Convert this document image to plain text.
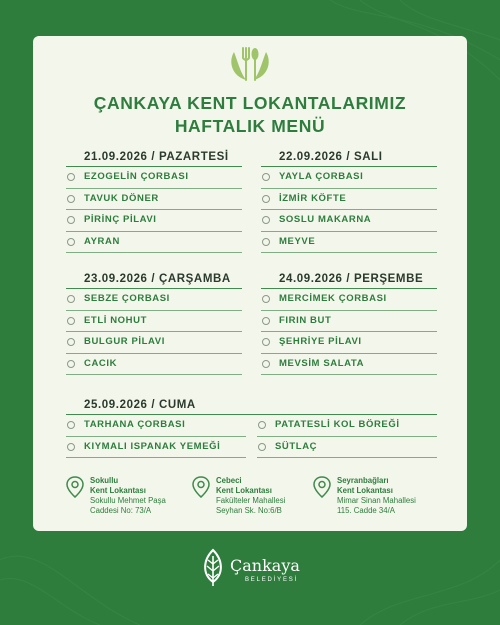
ÇANKAYA KENT LOKANTALARIMIZ
HAFTALIK MENÜ
21.09.2026 / PAZARTESİ
EZOGELİN ÇORBASI
TAVUK DÖNER
PİRİNÇ PİLAVI
AYRAN
22.09.2026 / SALI
YAYLA ÇORBASI
İZMİR KÖFTE
SOSLU MAKARNA
MEYVE
23.09.2026 / ÇARŞAMBA
SEBZE ÇORBASI
ETLİ NOHUT
BULGUR PİLAVI
CACIK
24.09.2026 / PERŞEMBE
MERCİMEK ÇORBASI
FIRIN BUT
ŞEHRİYE PİLAVI
MEVSİM SALATA
25.09.2026 / CUMA
TARHANA ÇORBASI
KIYMALI ISPANAK YEMEĞİ
PATATESLİ KOL BÖREĞİ
SÜTLAÇ
Sokullu
Kent Lokantası
Sokullu Mehmet Paşa
Caddesi No: 73/A
Cebeci
Kent Lokantası
Fakülteler Mahallesi
Seyhan Sk. No:6/B
Seyranbağları
Kent Lokantası
Mimar Sinan Mahallesi
115. Cadde 34/A
Çankaya
BELEDİYESİ
